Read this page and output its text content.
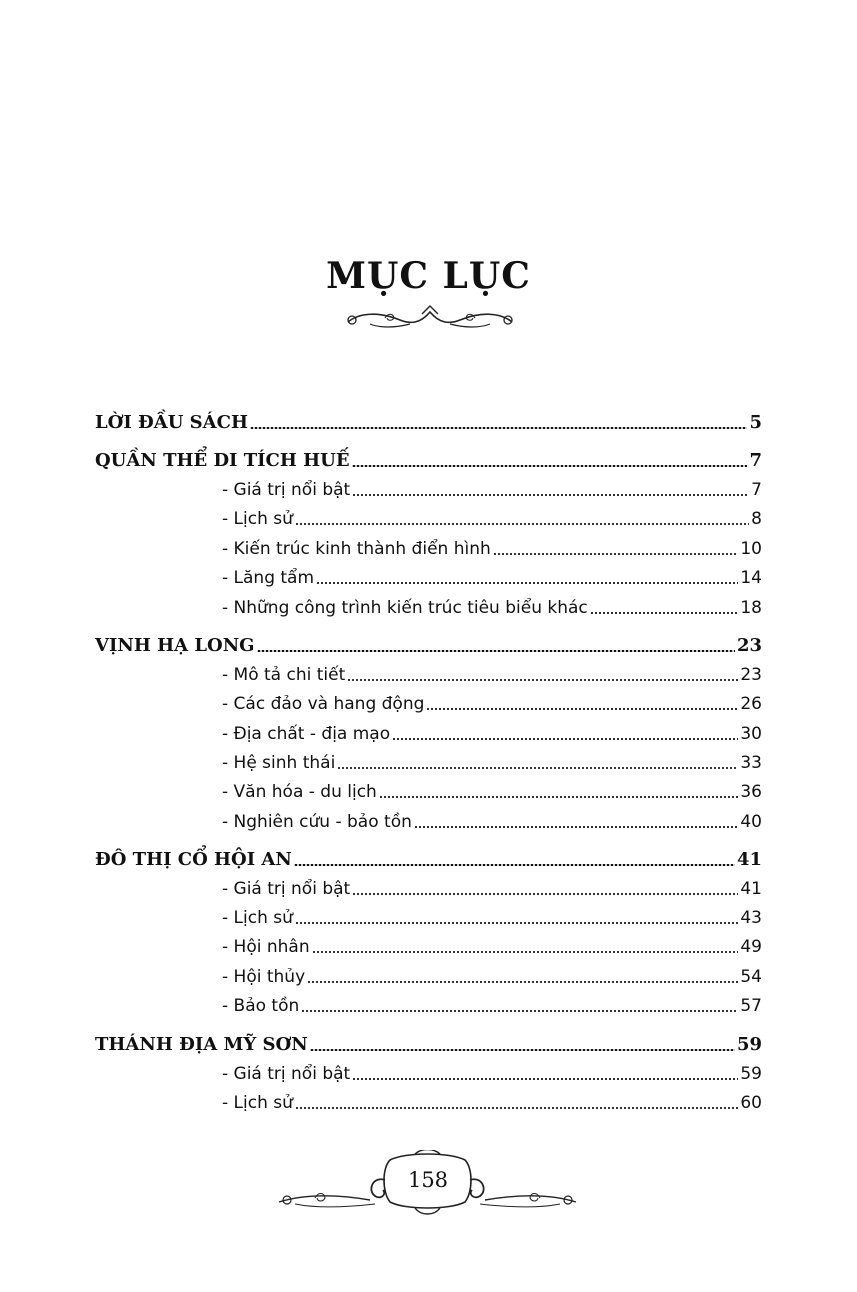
MỤC LỤC
LỜI ĐẦU SÁCH	5
QUẦN THỂ DI TÍCH HUẾ	7
- Giá trị nổi bật	7
- Lịch sử	8
- Kiến trúc kinh thành điển hình	10
- Lăng tẩm	14
- Những công trình kiến trúc tiêu biểu khác	18
VỊNH HẠ LONG	23
- Mô tả chi tiết	23
- Các đảo và hang động	26
- Địa chất - địa mạo	30
- Hệ sinh thái	33
- Văn hóa - du lịch	36
- Nghiên cứu - bảo tồn	40
ĐÔ THỊ CỔ HỘI AN	41
- Giá trị nổi bật	41
- Lịch sử	43
- Hội nhân	49
- Hội thủy	54
- Bảo tồn	57
THÁNH ĐỊA MỸ SƠN	59
- Giá trị nổi bật	59
- Lịch sử	60
158
